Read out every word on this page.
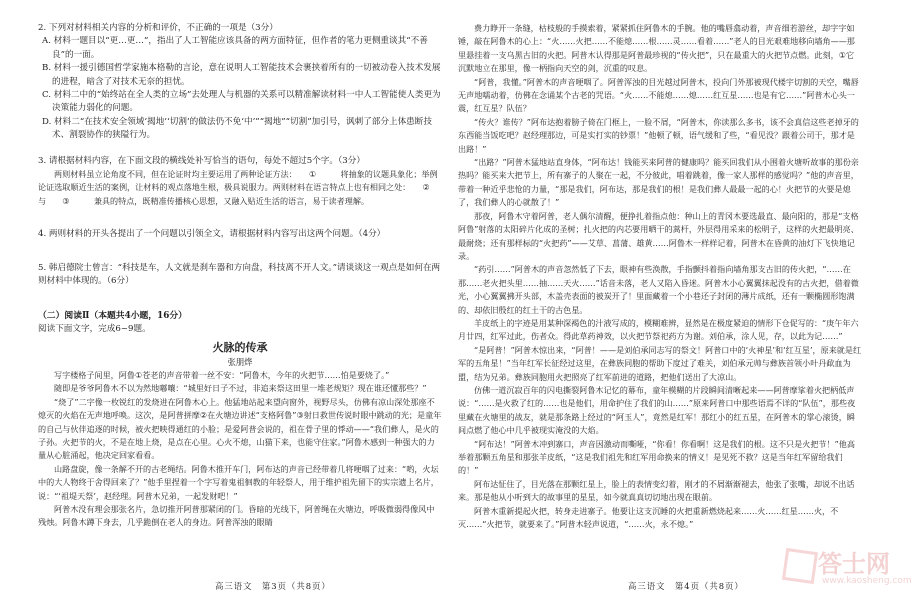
2. 下列对材料相关内容的分析和评价，不正确的一项是（3分）

A. 材料一题目以“更…更…”，指出了人工智能应该具备的两方面特征，但作者的笔力更侧重谈其“不善良”的一面。

B. 材料一援引德国哲学家施本格勒的言论，意在说明人工智能技术会裹挟着所有的一切被动卷入技术发展的进程，暗含了对技术无奈的担忧。

C. 材料二中的“始终站在全人类的立场”去处理人与机器的关系可以精准解读材料一中人工智能使人类更为决策能力弱化的问题。

D. 材料二“在技术安全领域‘揭地’‘切割’的做法仍不免‘中’”“揭地”“切割”加引号，讽刺了部分上体患断技术、割裂协作的狭隘行为。

3. 请根据材料内容，在下面文段的横线处补写恰当的语句，每处不超过5个字。（3分）

两则材料虽立论角度不同，但在论证时均主要运用了两种论证方法：　　①　　　将抽象的议题具象化；举例论证选取顺近生活的案例，让材料的观点落地生根，极具说服力。两则材料在语言特点上也有相同之处：　　②　　　与　　③　　　兼具的特点，既精准传播核心思想，又融入贴近生活的语言，易于读者理解。

4. 两则材料的开头各提出了一个问题以引领全文，请根据材料内容写出这两个问题。（4分）

5. 韩启德院士曾言：“科技是车，人文就是刹车器和方向盘，科技离不开人文。”请谈谈这一观点是如何在两则材料中体现的。（6分）

（二）阅读Ⅱ（本题共4小题，16分）

阅读下面文字，完成6~9题。

火脉的传承

张朋烨

写字楼格子间里，阿鲁①苍老的声音带着一丝不安：“阿鲁木，今年的火把节……怕是要烧了。”

随即是爷爷阿鲁木不以为然地嘟嚷：“城里好日子不过，非追来祭这田里一堆老规矩？现在谁还懂那些？”

“烧了”二字像一枚锐红的发烧进在阿鲁木心上。他猛地站起来望向窗外，视野尽头，仿佛有凉山深处那座不熄灭的火焰在无声地呼唤。这次，是阿普拼摩②在火塘边讲述“支格阿鲁”③射日救世传说时眼中跳动的光；是童年的自己与伙伴追逐的时候，被火把映得通红的小脸；是爱阿普会说的，祖在骨子里的悸动——“我们彝人，是火的子孙。火把节的火，不是在地上烧，是点在心里。心火不熄，山猫下来，也能守住家。”阿鲁木感到一种强大的力量从心脏涌起，他决定回家看看。

山路盘旋，像一条解不开的古老绳结。阿鲁木推开车门，阿布达的声音已经带着几将哽咽了过来：“哟，火坛中的大人物终于舍得回来了？”他手里捏着一个字写着鬼祖徊教的年轻祭人，用于维护祖先留下的实宗遗上名片，说：“‘祖堤天祭’，赵经理。阿普木兄弟，一起发财吧！”

阿普木没有理会那张名片，急切推开阿普那紧闭的门。昏暗的光线下，阿普绳在火塘边，呼吸微弱得像风中残烛。阿鲁木蹲下身去，几乎跪倒在老人的身边。阿普浑浊的眼睛

费力睁开一条缝，枯枝般的手摸索着，紧紧抓住阿鲁木的手腕。他的嘴唇翕动着，声音细若游丝，却字字如锤，敲在阿鲁木的心上：“火……火把……不能熄……根……灵……看着……”老人的目光艰难地移向墙角——那里悬挂着一支乌黑古旧的火把。阿普木认得那是阿普最珍视的“传火把”，只在最重大的火把节点燃。此刻，①它沉默地立在那里，像一柄指向天空的剑，沉重的叹息。

“阿普，我懂。”阿普木的声音哽咽了。阿普浑浊的目光越过阿普木，投向门外那被现代楼宇切割的天空，嘴唇无声地嚅动着，仿佛在念诵某个古老的咒语。“火……不能熄……熄……红互星……也是有它……”阿普木心头一震，红互星？队伍？

“传火？谁传？”阿布达抱着膀子倚在门框上，一脸不屑，“阿普木，你读那么多书，该不会真信这些老掉牙的东西能当饭吃吧？赵经理那边，可是实打实的钞票！”他顿了顿，语气缓和了些，“看见没？跟着公司干，那才是出路！”

“出路？”阿普木猛地站直身体，“阿布达！钱能买来阿普的健康吗？能买回我们从小围着火塘听故事的那份亲热吗？能买来大把节上，所有寨子的人聚在一起，不分彼此，唱着跳着，像一家人那样的感觉吗？”他的声音里，带着一种近乎悲怆的力量，“那是我们，阿布达，那是我们的根！是我们彝人最最一起的心！火把节的火要是熄了，我们彝人的心就散了！”

那夜，阿鲁木守着阿普，老人偶尔清醒，便挣扎着指点他：种山上的青冈木要选最直、最向阳的，那是“支格阿鲁”射落的太阳碎片化成的圣树；扎火把的内芯要用晒干的蒿杆，外层得用采来的松明子，这样的火把最明亮、最耐烧；还有那样标的“火把药”——艾草、菖蒲、雄黄……阿鲁木一样样记着，阿普木在昏黄的油灯下飞快地记录。

“药引……”阿普木的声音忽然低了下去，眼神有些涣散，手指颤抖着指向墙角那支古旧的传火把，“……在那……老火把头里……抽……天火……”话音未落，老人又陷入昏迷。阿普木小心翼翼抹起没有的古火把，借着微光，小心翼翼拂开头部，木盖壳表面的被炭开了！里面藏着一个小巷还子封闭的薄片成纸，还有一颗椭圆形饱满的、却依旧殷红的红土干的古色星。

羊皮纸上的字迹是用某种深褐色的汁液写成的，模糊难辨，显然是在极度紧迫的情形下仓促写的：“庚午年六月廿四，红军过此，伤者众。得此草药神效，以火把节祭祀药方为谢。刘伯承，涂人见，存，以此为记……”

“是阿普！”阿普木惊出来，“阿普！——是刘伯承同志写的祭文！阿普口中的‘火神星’和‘红互星’，原来就是红军的五角星！”当年红军长征经过这里，在彝族同胞的帮助下度过了难关，刘伯承元帅与彝族首领小叶丹歃血为盟，结为兄弟。彝族同胞用火把照亮了红军前进的道路，把他们送出了大凉山。

仿佛一道沉寂百年的闪电撕裂阿鲁木记忆的幕布，童年模糊的片段瞬间清晰起来——阿普摩挲着火把柄低声说：“……是火救了红的……也是他们，用命护住了我们的山……”原来阿普口中那些语焉不详的“队伍”，那些夜里藏在火塘里的战友，就是那条路上经过的“阿玉人”，竟然是红军！那红小的红五星，在阿普木的掌心滚烫，瞬间点燃了他心中几乎被现实淹没的大焰。

“阿布达！”阿普木冲到寨口，声音因激动而嘶哑，“你看！你看啊！这是我们的根。这不只是火把节！”他高举着那颗五角星和那张羊皮纸，“这是我们祖先和红军用命换来的情义！是见死不救？这是当年红军留给我们的！”

阿布达怔住了，目光落在那颗红星上，脸上的表情变幻着，刚才的不屑渐渐褪去，他张了张嘴，却说不出话来。那是他从小听到大的故事里的星星，如今就真真切切地出现在眼前。

阿普木重新提起火把，转身走进寨子。他要让这支沉睡的火把重新燃烧起来……火……红星……火，不灭……“火把节，就要来了。”阿普木轻声说道，“……火，永不熄。”

高三语文　第3页（共8页）	高三语文　第4页（共8页）
答士网
www.kaosheng.com
